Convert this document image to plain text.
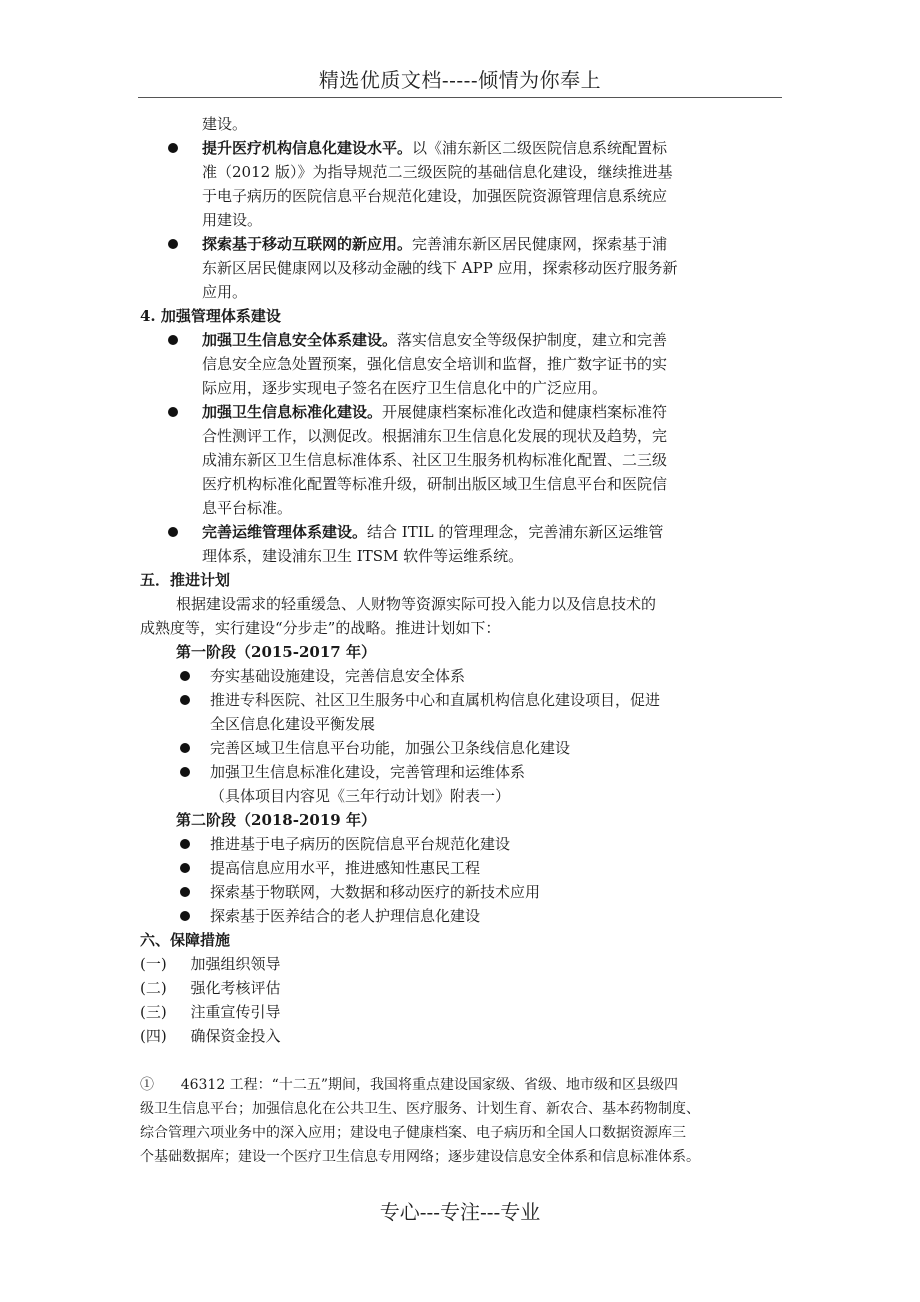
精选优质文档-----倾情为你奉上
建设。
提升医疗机构信息化建设水平。以《浦东新区二级医院信息系统配置标
准（2012 版）》为指导规范二三级医院的基础信息化建设，继续推进基
于电子病历的医院信息平台规范化建设，加强医院资源管理信息系统应
用建设。
探索基于移动互联网的新应用。完善浦东新区居民健康网，探索基于浦
东新区居民健康网以及移动金融的线下 APP 应用，探索移动医疗服务新
应用。
4. 加强管理体系建设
加强卫生信息安全体系建设。落实信息安全等级保护制度，建立和完善
信息安全应急处置预案，强化信息安全培训和监督，推广数字证书的实
际应用，逐步实现电子签名在医疗卫生信息化中的广泛应用。
加强卫生信息标准化建设。开展健康档案标准化改造和健康档案标准符
合性测评工作，以测促改。根据浦东卫生信息化发展的现状及趋势，完
成浦东新区卫生信息标准体系、社区卫生服务机构标准化配置、二三级
医疗机构标准化配置等标准升级，研制出版区域卫生信息平台和医院信
息平台标准。
完善运维管理体系建设。结合 ITIL 的管理理念，完善浦东新区运维管
理体系，建设浦东卫生 ITSM 软件等运维系统。
五．推进计划
根据建设需求的轻重缓急、人财物等资源实际可投入能力以及信息技术的
成熟度等，实行建设“分步走”的战略。推进计划如下：
第一阶段（2015-2017 年）
夯实基础设施建设，完善信息安全体系
推进专科医院、社区卫生服务中心和直属机构信息化建设项目，促进
全区信息化建设平衡发展
完善区域卫生信息平台功能，加强公卫条线信息化建设
加强卫生信息标准化建设，完善管理和运维体系
（具体项目内容见《三年行动计划》附表一）
第二阶段（2018-2019 年）
推进基于电子病历的医院信息平台规范化建设
提高信息应用水平，推进感知性惠民工程
探索基于物联网，大数据和移动医疗的新技术应用
探索基于医养结合的老人护理信息化建设
六、保障措施
(一)     加强组织领导
(二)     强化考核评估
(三)     注重宣传引导
(四)     确保资金投入
①      46312 工程：“十二五”期间，我国将重点建设国家级、省级、地市级和区县级四
级卫生信息平台；加强信息化在公共卫生、医疗服务、计划生育、新农合、基本药物制度、
综合管理六项业务中的深入应用；建设电子健康档案、电子病历和全国人口数据资源库三
个基础数据库；建设一个医疗卫生信息专用网络；逐步建设信息安全体系和信息标准体系。
专心---专注---专业
